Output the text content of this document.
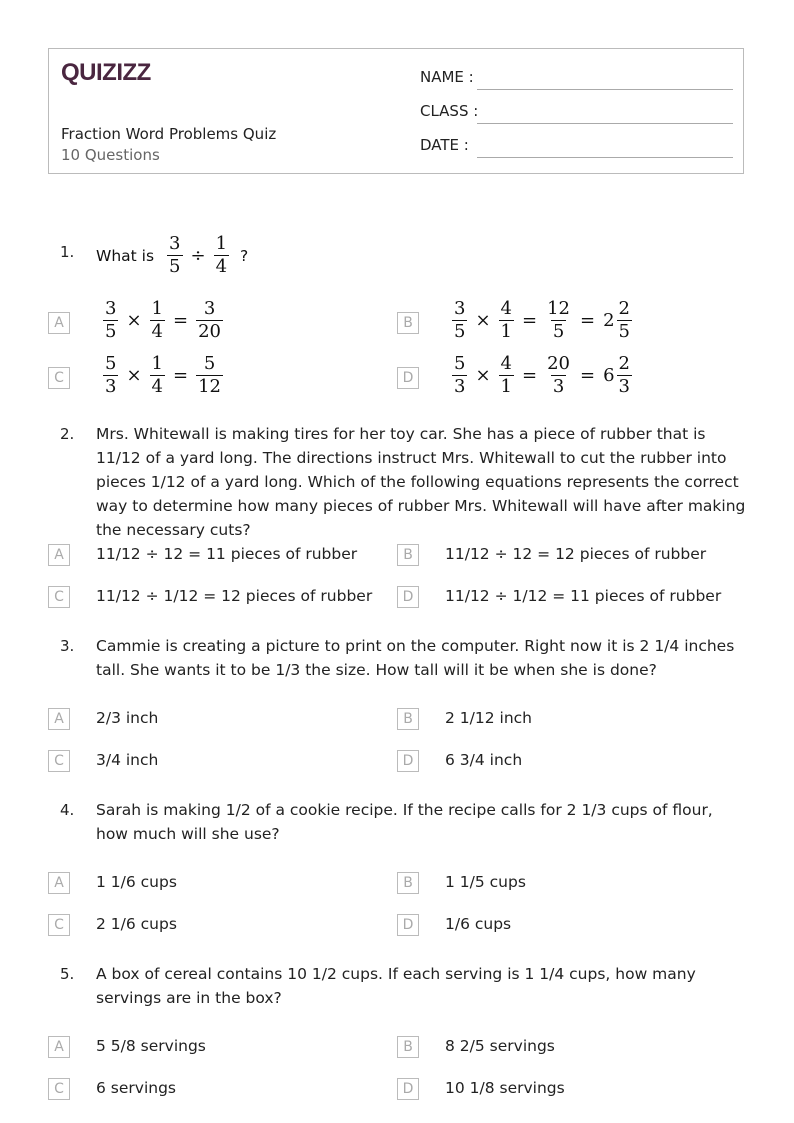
QUIZIZZ
Fraction Word Problems Quiz
10 Questions
NAME :
CLASS :
DATE :
1. What is $\frac{3}{5} \div \frac{1}{4}$ ?
A	$\frac{3}{5} \times \frac{1}{4} = \frac{3}{20}$	B	$\frac{3}{5} \times \frac{4}{1} = \frac{12}{5} = 2 \frac{2}{5}$
C	$\frac{5}{3} \times \frac{1}{4} = \frac{5}{12}$	D	$\frac{5}{3} \times \frac{4}{1} = \frac{20}{3} = 6 \frac{2}{3}$
2. Mrs. Whitewall is making tires for her toy car. She has a piece of rubber that is 11/12 of a yard long. The directions instruct Mrs. Whitewall to cut the rubber into pieces 1/12 of a yard long. Which of the following equations represents the correct way to determine how many pieces of rubber Mrs. Whitewall will have after making the necessary cuts?
A	11/12 ÷ 12 = 11 pieces of rubber	B	11/12 ÷ 12 = 12 pieces of rubber
C	11/12 ÷ 1/12 = 12 pieces of rubber	D	11/12 ÷ 1/12 = 11 pieces of rubber
3. Cammie is creating a picture to print on the computer. Right now it is 2 1/4 inches tall. She wants it to be 1/3 the size. How tall will it be when she is done?
A	2/3 inch	B	2 1/12 inch
C	3/4 inch	D	6 3/4 inch
4. Sarah is making 1/2 of a cookie recipe. If the recipe calls for 2 1/3 cups of flour, how much will she use?
A	1 1/6 cups	B	1 1/5 cups
C	2 1/6 cups	D	1/6 cups
5. A box of cereal contains 10 1/2 cups. If each serving is 1 1/4 cups, how many servings are in the box?
A	5 5/8 servings	B	8 2/5 servings
C	6 servings	D	10 1/8 servings
